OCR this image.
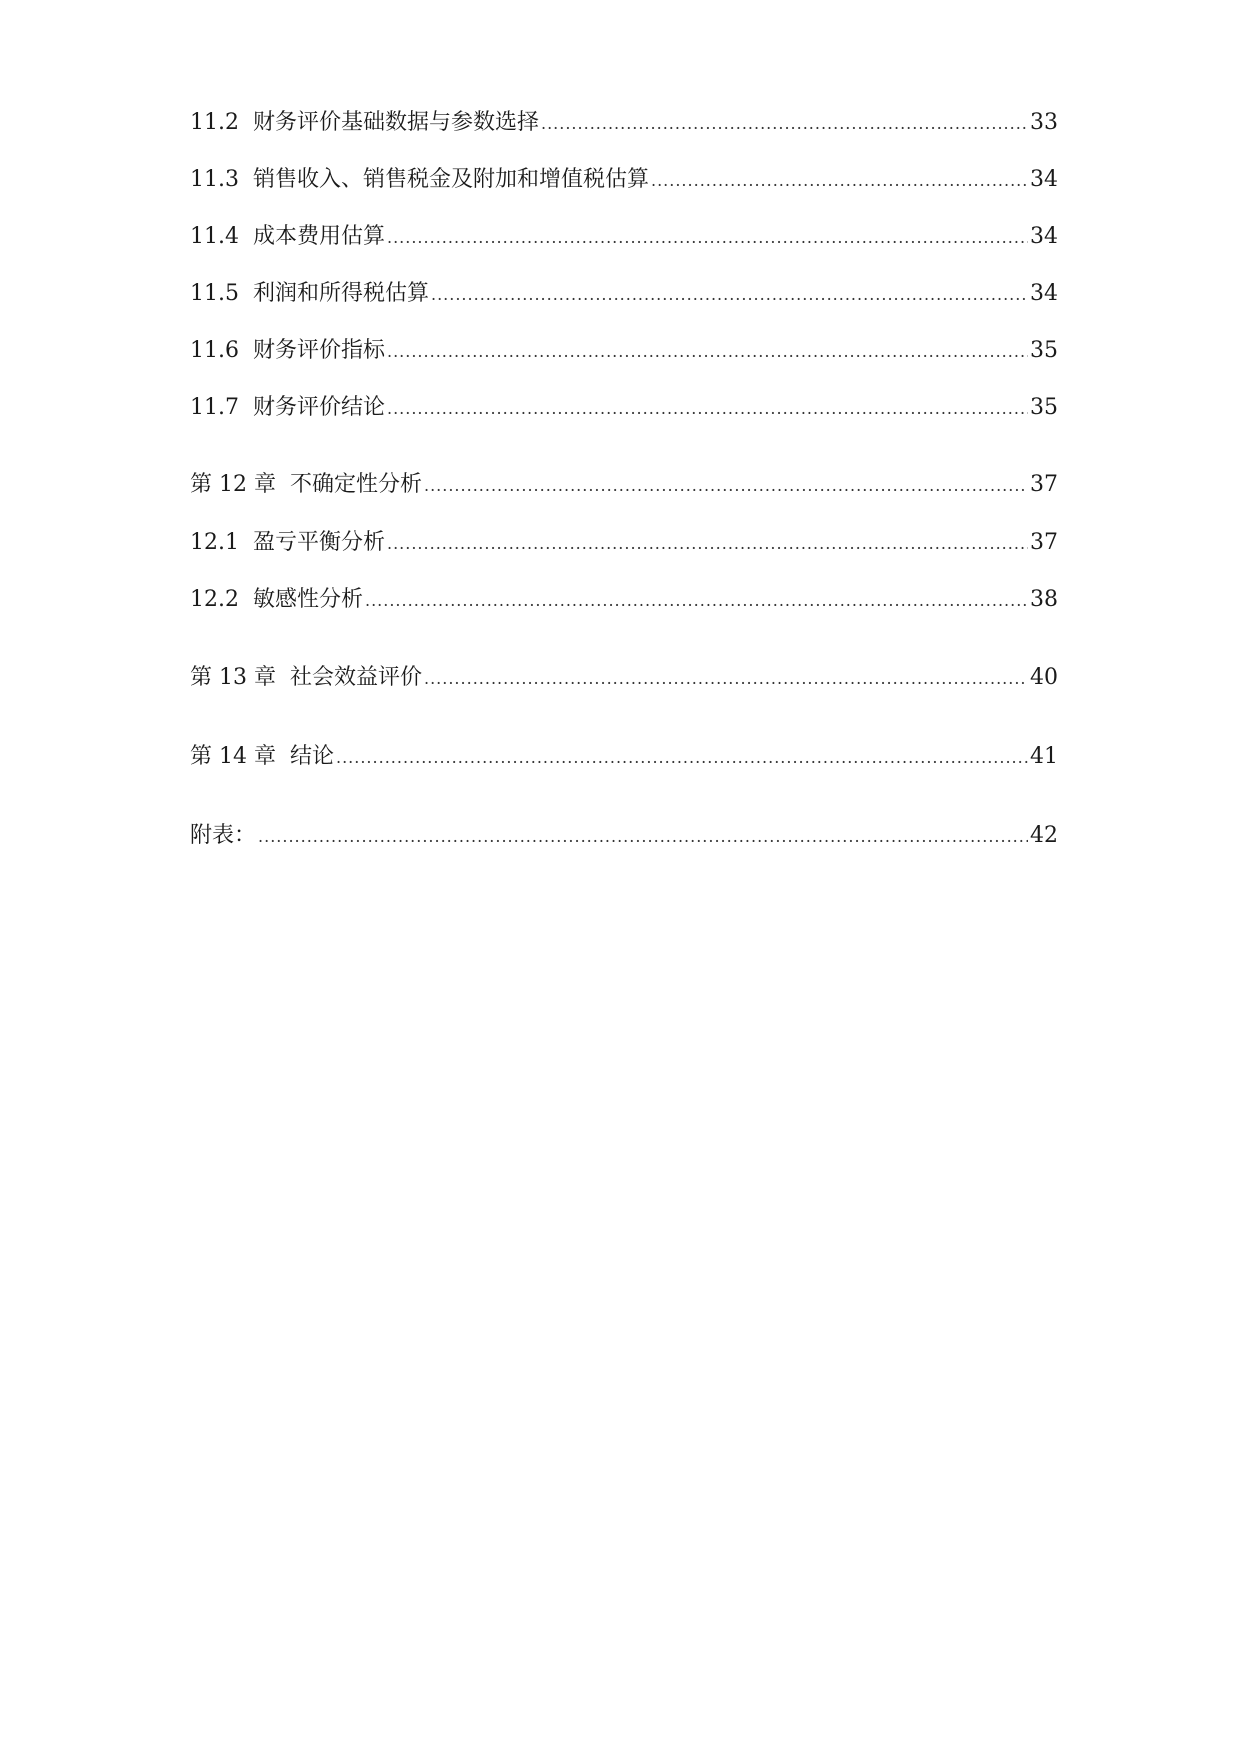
11.2 财务评价基础数据与参数选择 .....	33
11.3 销售收入、销售税金及附加和增值税估算 .....	34
11.4 成本费用估算 .....	34
11.5 利润和所得税估算 .....	34
11.6 财务评价指标 .....	35
11.7 财务评价结论 .....	35
第 12 章 不确定性分析 .....	37
12.1 盈亏平衡分析 .....	37
12.2 敏感性分析 .....	38
第 13 章 社会效益评价 .....	40
第 14 章 结论 .....	41
附表： .....	42
